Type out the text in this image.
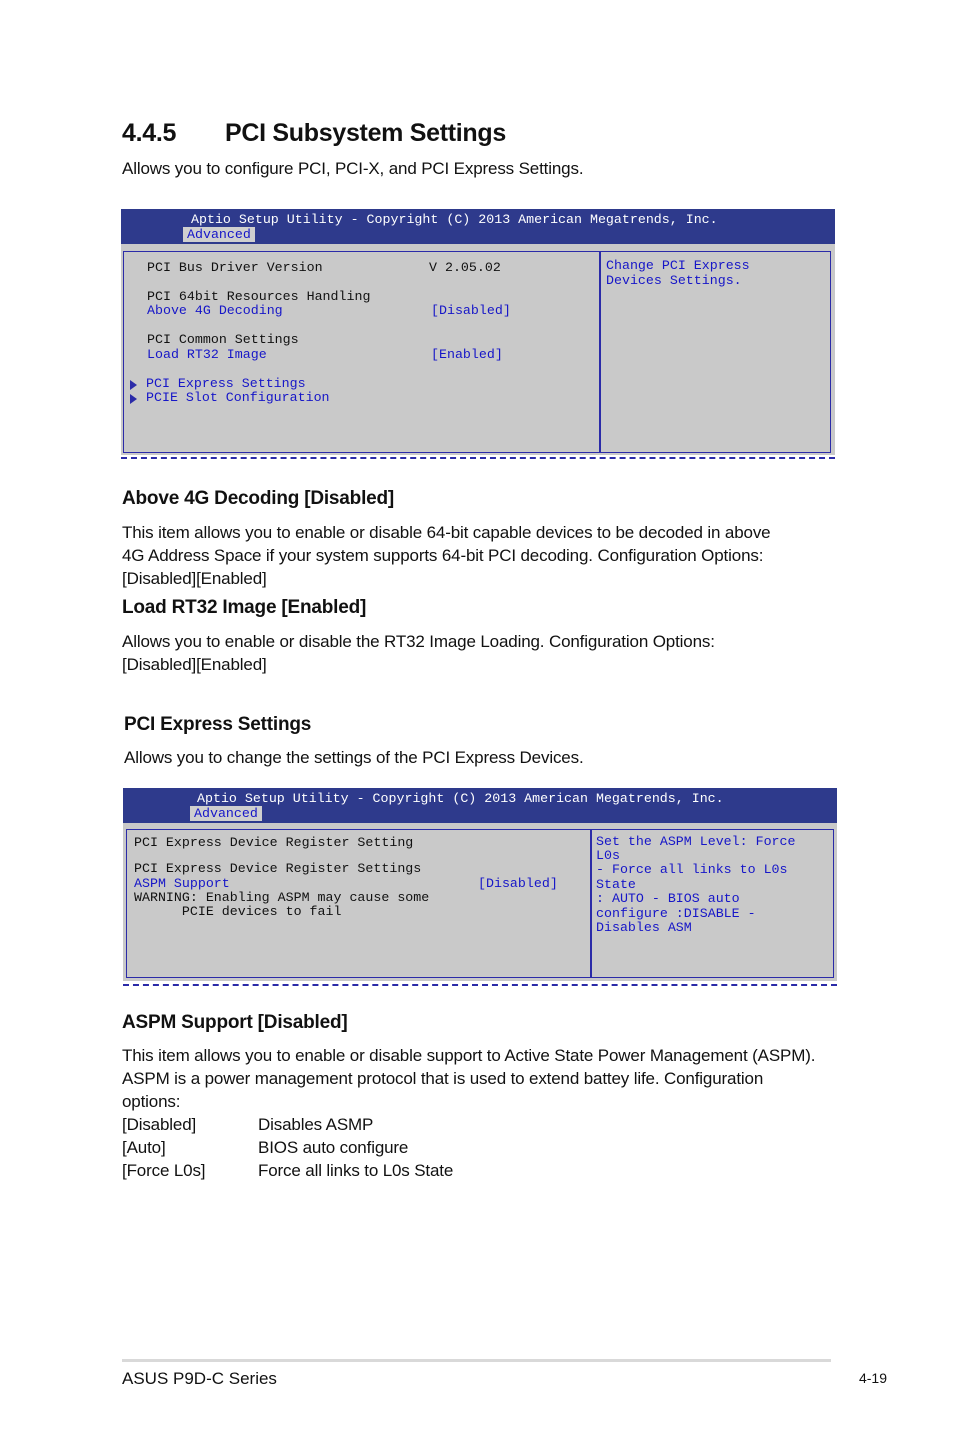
4.4.5 PCI Subsystem Settings
Allows you to configure PCI, PCI-X, and PCI Express Settings.
Aptio Setup Utility - Copyright (C) 2013 American Megatrends, Inc.
Advanced
PCI Bus Driver Version	V 2.05.02
PCI 64bit Resources Handling
Above 4G Decoding	[Disabled]
PCI Common Settings
Load RT32 Image	[Enabled]
PCI Express Settings
PCIE Slot Configuration
Change PCI Express
Devices Settings.
Above 4G Decoding [Disabled]
This item allows you to enable or disable 64-bit capable devices to be decoded in above
4G Address Space if your system supports 64-bit PCI decoding. Configuration Options:
[Disabled][Enabled]
Load RT32 Image [Enabled]
Allows you to enable or disable the RT32 Image Loading. Configuration Options:
[Disabled][Enabled]
PCI Express Settings
Allows you to change the settings of the PCI Express Devices.
Aptio Setup Utility - Copyright (C) 2013 American Megatrends, Inc.
Advanced
PCI Express Device Register Setting
PCI Express Device Register Settings
ASPM Support	[Disabled]
WARNING: Enabling ASPM may cause some
PCIE devices to fail
Set the ASPM Level: Force
L0s
- Force all links to L0s
State
: AUTO - BIOS auto
configure :DISABLE -
Disables ASM
ASPM Support [Disabled]
This item allows you to enable or disable support to Active State Power Management (ASPM).
ASPM is a power management protocol that is used to extend battey life. Configuration
options:
[Disabled]	Disables ASMP
[Auto]	BIOS auto configure
[Force L0s]	Force all links to L0s State
ASUS P9D-C Series	4-19
